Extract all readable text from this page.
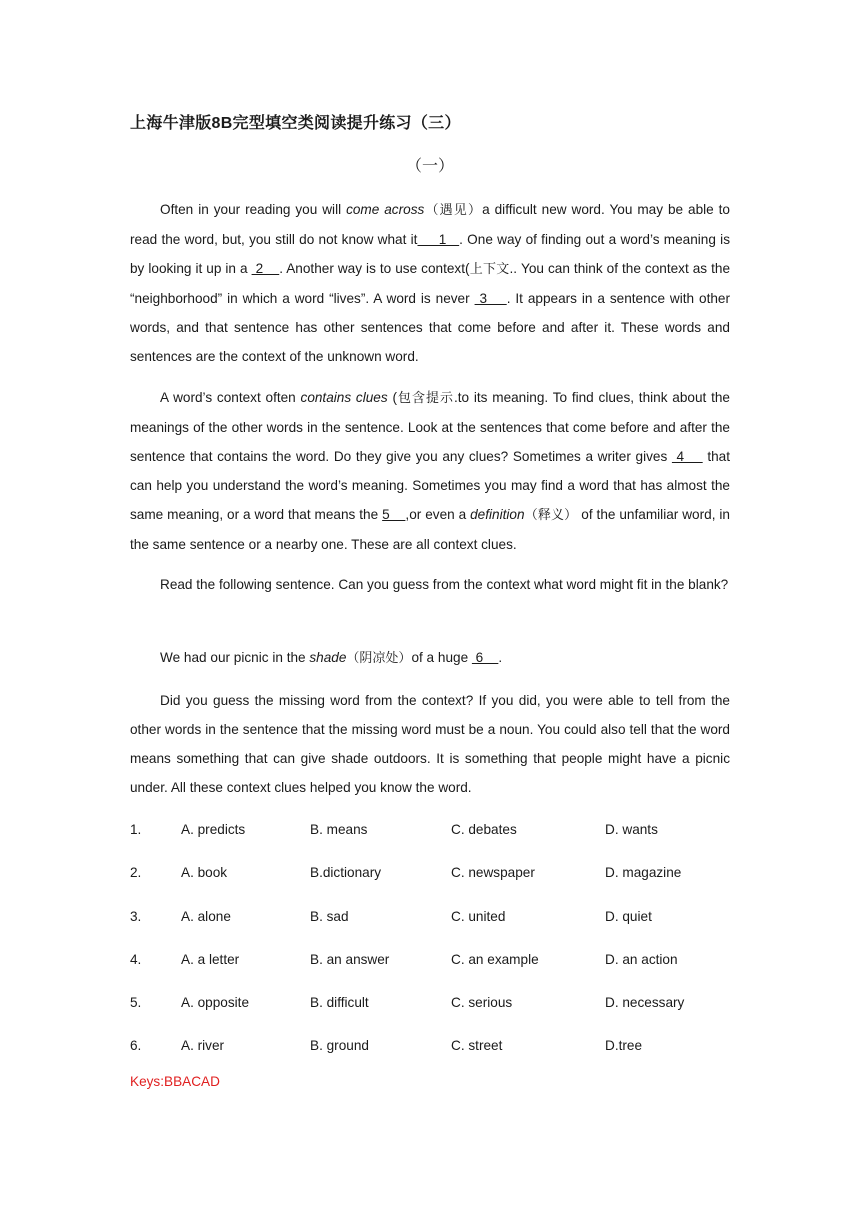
上海牛津版8B完型填空类阅读提升练习（三）
（一）

Often in your reading you will come across（遇见）a difficult new word. You may be able to read the word, but, you still do not know what it     1   . One way of finding out a word’s meaning is by looking it up in a  2    . Another way is to use context(上下文.. You can think of the context as the “neighborhood” in which a word “lives”. A word is never  3    . It appears in a sentence with other words, and that sentence has other sentences that come before and after it. These words and sentences are the context of the unknown word.

A word’s context often contains clues (包含提示.to its meaning. To find clues, think about the meanings of the other words in the sentence. Look at the sentences that come before and after the sentence that contains the word. Do they give you any clues? Sometimes a writer gives  4     that can help you understand the word’s meaning. Sometimes you may find a word that has almost the same meaning, or a word that means the 5    ,or even a definition（释义） of the unfamiliar word, in the same sentence or a nearby one. These are all context clues.

Read the following sentence. Can you guess from the context what word might fit in the blank?

We had our picnic in the shade（阴凉处）of a huge  6    .

Did you guess the missing word from the context? If you did, you were able to tell from the other words in the sentence that the missing word must be a noun. You could also tell that the word means something that can give shade outdoors. It is something that people might have a picnic under. All these context clues helped you know the word.

1.	A. predicts	B. means	C. debates	D. wants
2.	A. book	B.dictionary	C. newspaper	D. magazine
3.	A. alone	B. sad	C. united	D. quiet
4.	A. a letter	B. an answer	C. an example	D. an action
5.	A. opposite	B. difficult	C. serious	D. necessary
6.	A. river	B. ground	C. street	D.tree
Keys:BBACAD
